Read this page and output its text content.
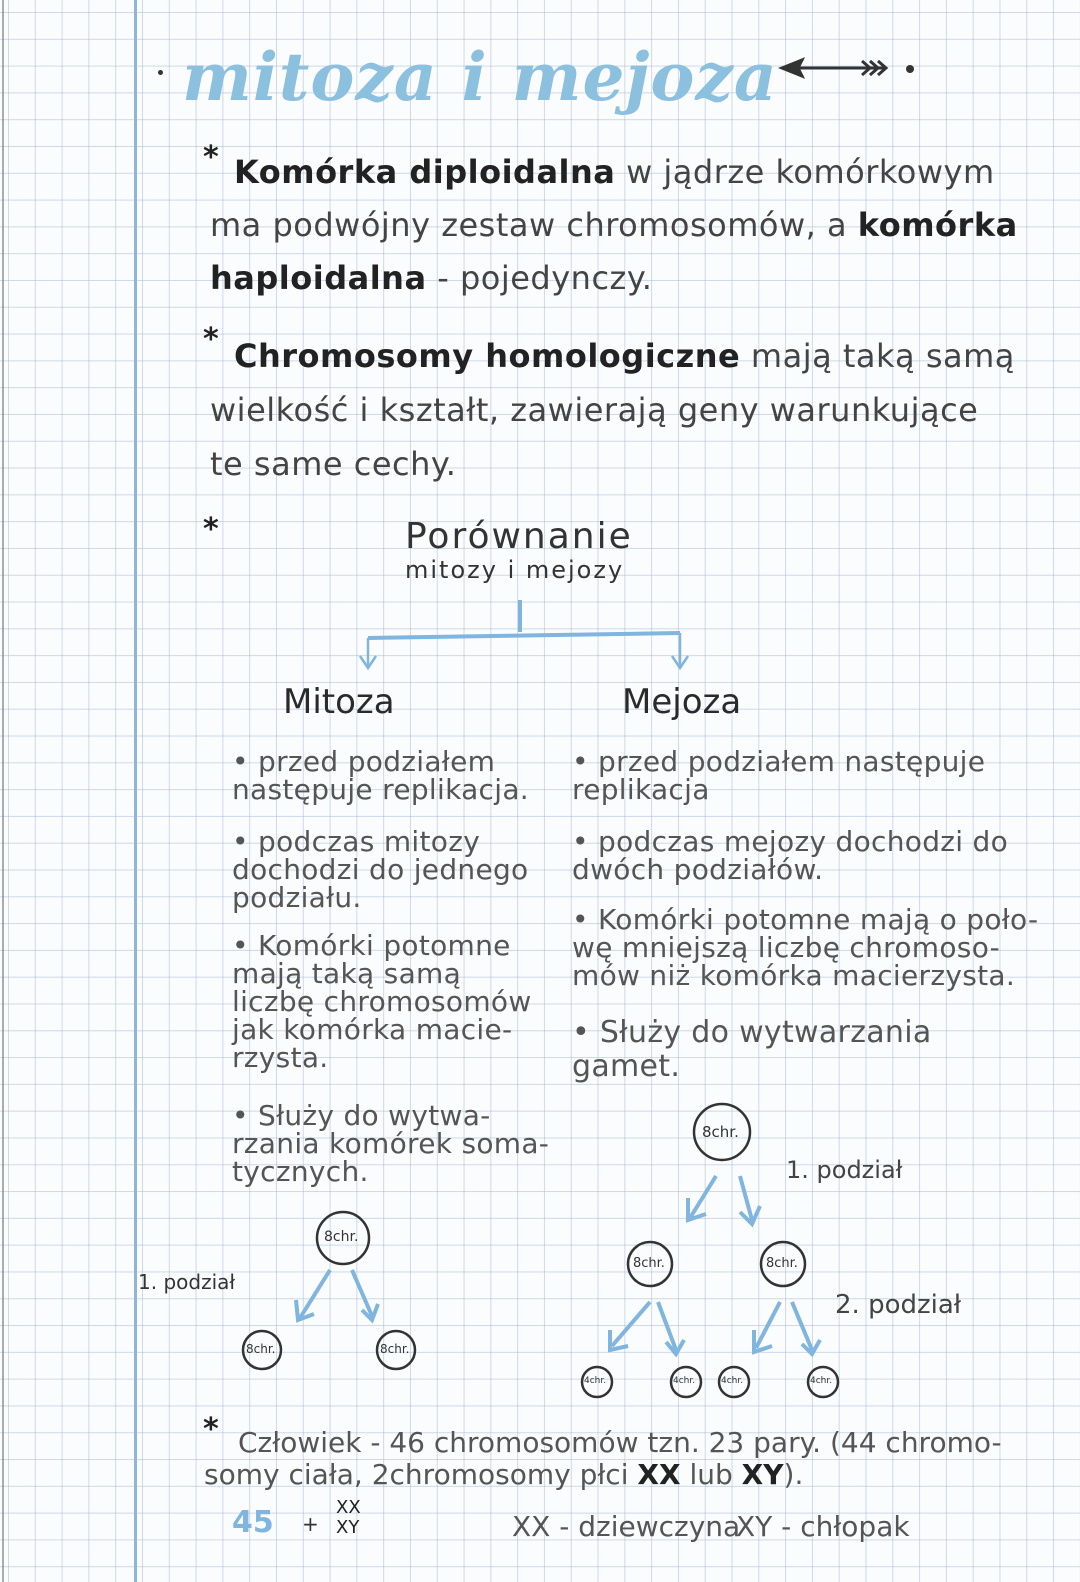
mitoza i mejoza
* Komórka diploidalna w jądrze komórkowym
ma podwójny zestaw chromosomów, a komórka
haploidalna - pojedynczy.
* Chromosomy homologiczne mają taką samą
wielkość i kształt, zawierają geny warunkujące
te same cechy.
*	Porównanie
mitozy i mejozy
Mitoza	Mejoza
• przed podziałem
następuje replikacja.
• podczas mitozy
dochodzi do jednego
podziału.
• Komórki potomne
mają taką samą
liczbę chromosomów
jak komórka macie-
rzysta.
• Służy do wytwa-
rzania komórek soma-
tycznych.
• przed podziałem następuje
replikacja
• podczas mejozy dochodzi do
dwóch podziałów.
• Komórki potomne mają o poło-
wę mniejszą liczbę chromoso-
mów niż komórka macierzysta.
• Służy do wytwarzania
gamet.
1. podział
8chr.
8chr.	8chr.
8chr.
1. podział
8chr.	8chr.
2. podział
4chr.	4chr.	4chr.	4chr.
* Człowiek - 46 chromosomów tzn. 23 pary. (44 chromo-
somy ciała, 2chromosomy płci XX lub XY).
45 +
XX
XY	XX - dziewczyna
XY - chłopak
